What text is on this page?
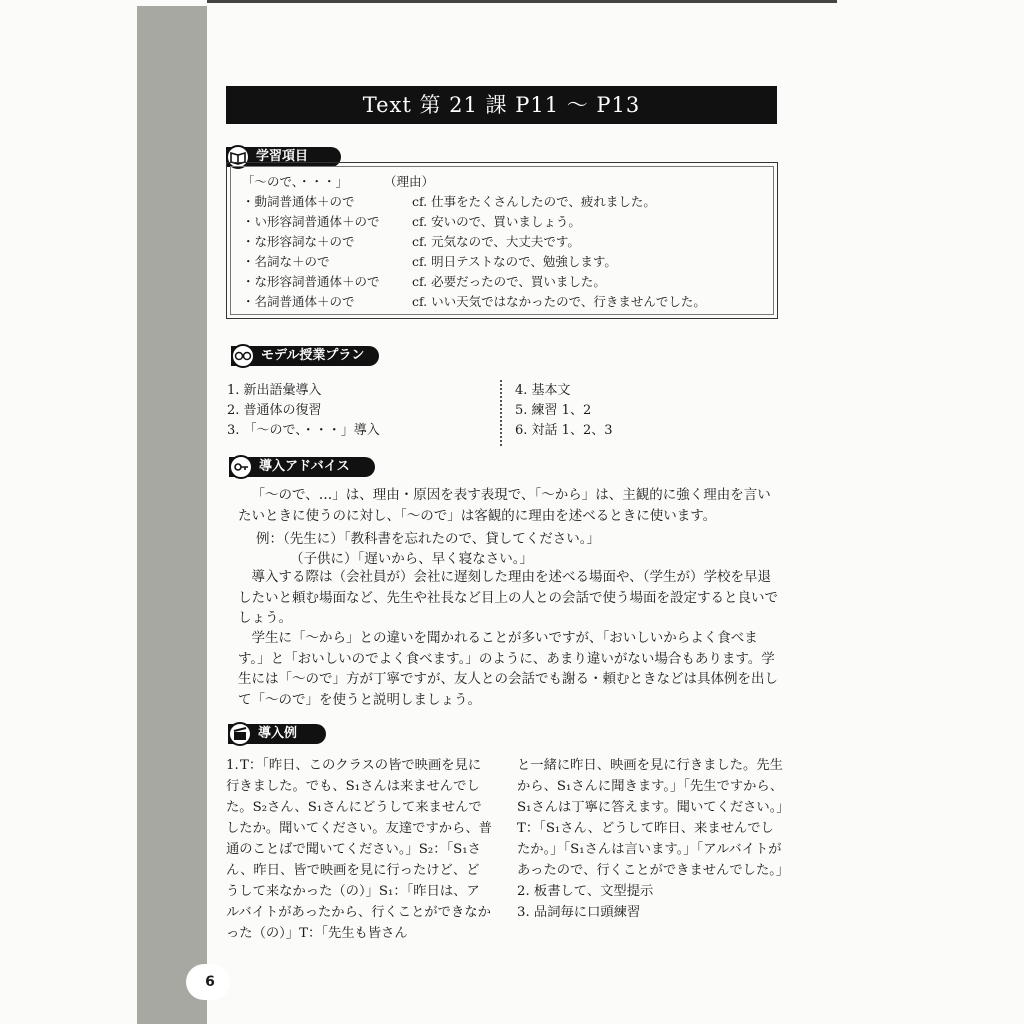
6
Text 第 21 課 P11 ～ P13
学習項目
「～ので、・・・」	（理由）
・動詞普通体＋ので	cf. 仕事をたくさんしたので、疲れました。
・い形容詞普通体＋ので	cf. 安いので、買いましょう。
・な形容詞な＋ので	cf. 元気なので、大丈夫です。
・名詞な＋ので	cf. 明日テストなので、勉強します。
・な形容詞普通体＋ので	cf. 必要だったので、買いました。
・名詞普通体＋ので	cf. いい天気ではなかったので、行きませんでした。
モデル授業プラン
1. 新出語彙導入
2. 普通体の復習
3. 「～ので、・・・」導入
4. 基本文
5. 練習 1、2
6. 対話 1、2、3
導入アドバイス

「～ので、…」は、理由・原因を表す表現で、「～から」は、主観的に強く理由を言いたいときに使うのに対し、「～ので」は客観的に理由を述べるときに使います。

例：（先生に）「教科書を忘れたので、貸してください。」
（子供に）「遅いから、早く寝なさい。」

導入する際は（会社員が）会社に遅刻した理由を述べる場面や、（学生が）学校を早退したいと頼む場面など、先生や社長など目上の人との会話で使う場面を設定すると良いでしょう。

学生に「～から」との違いを聞かれることが多いですが、「おいしいからよく食べます。」と「おいしいのでよく食べます。」のように、あまり違いがない場合もあります。学生には「～ので」方が丁寧ですが、友人との会話でも謝る・頼むときなどは具体例を出して「～ので」を使うと説明しましょう。

導入例

1.T：「昨日、このクラスの皆で映画を見に行きました。でも、S₁さんは来ませんでした。S₂さん、S₁さんにどうして来ませんでしたか。聞いてください。友達ですから、普通のことばで聞いてください。」S₂：「S₁さん、昨日、皆で映画を見に行ったけど、どうして来なかった（の）」S₁：「昨日は、アルバイトがあったから、行くことができなかった（の）」T：「先生も皆さん

と一緒に昨日、映画を見に行きました。先生から、S₁さんに聞きます。」「先生ですから、S₁さんは丁寧に答えます。聞いてください。」T：「S₁さん、どうして昨日、来ませんでしたか。」「S₁さんは言います。」「アルバイトがあったので、行くことができませんでした。」

2. 板書して、文型提示

3. 品詞毎に口頭練習
